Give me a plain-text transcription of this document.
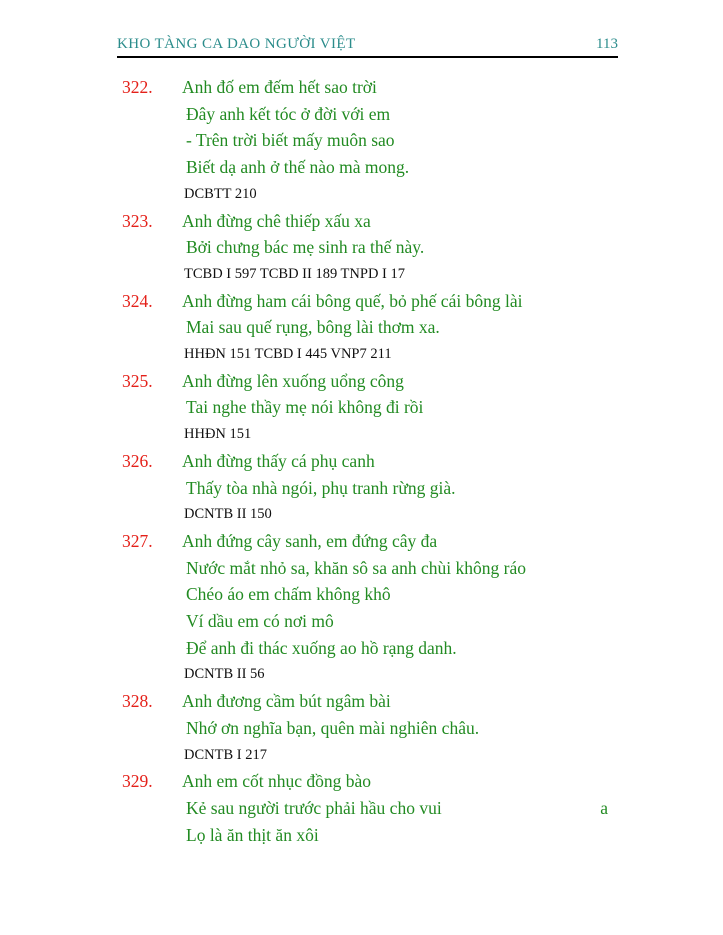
KHO TÀNG CA DAO NGƯỜI VIỆT	113
322.	Anh đố em đếm hết sao trời
Đây anh kết tóc ở đời với em
- Trên trời biết mấy muôn sao
Biết dạ anh ở thế nào mà mong.
DCBTT 210
323.	Anh đừng chê thiếp xấu xa
Bởi chưng bác mẹ sinh ra thế này.
TCBD I 597 TCBD II 189 TNPD I 17
324.	Anh đừng ham cái bông quế, bỏ phế cái bông lài
Mai sau quế rụng, bông lài thơm xa.
HHĐN 151 TCBD I 445 VNP7 211
325.	Anh đừng lên xuống uổng công
Tai nghe thầy mẹ nói không đi rồi
HHĐN 151
326.	Anh đừng thấy cá phụ canh
Thấy tòa nhà ngói, phụ tranh rừng già.
DCNTB II 150
327.	Anh đứng cây sanh, em đứng cây đa
Nước mắt nhỏ sa, khăn sô sa anh chùi không ráo
Chéo áo em chấm không khô
Ví dầu em có nơi mô
Để anh đi thác xuống ao hồ rạng danh.
DCNTB II 56
328.	Anh đương cầm bút ngâm bài
Nhớ ơn nghĩa bạn, quên mài nghiên châu.
DCNTB I 217
329.	Anh em cốt nhục đồng bào
Kẻ sau người trước phải hầu cho vui	a
Lọ là ăn thịt ăn xôi
